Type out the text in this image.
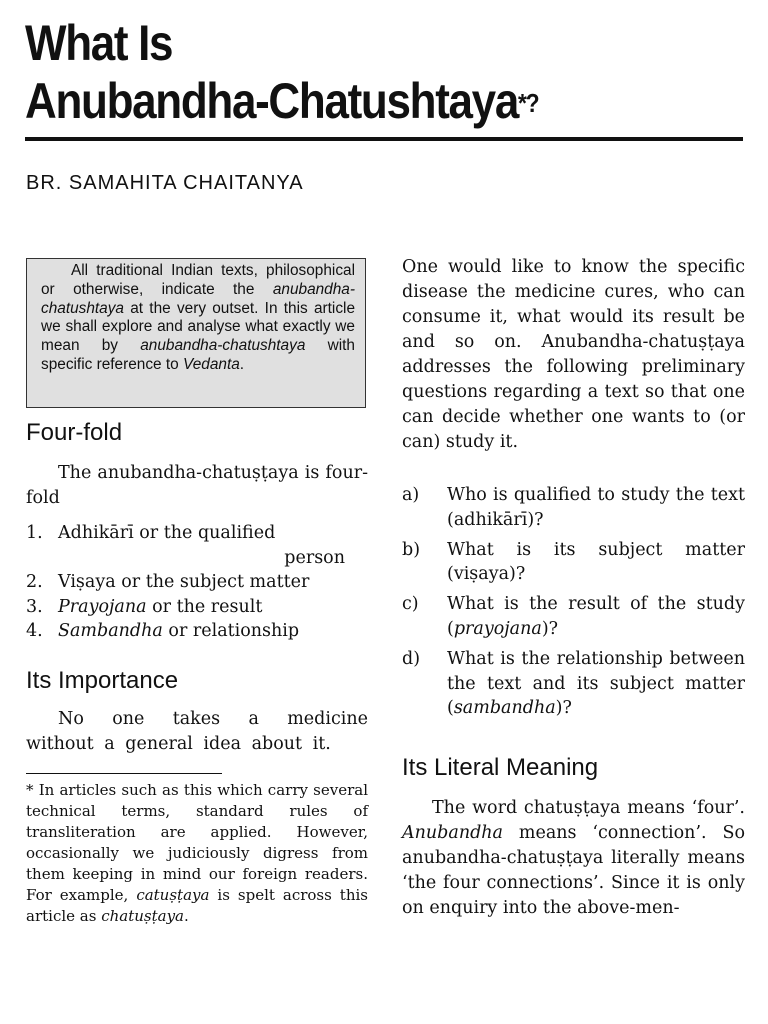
What Is
Anubandha-Chatushtaya*?
BR. SAMAHITA CHAITANYA
All traditional Indian texts, philosophical or otherwise, indicate the anubandha-chatushtaya at the very outset. In this article we shall explore and analyse what exactly we mean by anubandha-chatushtaya with specific reference to Vedanta.
Four-fold

The anubandha-chatuṣṭaya is four-fold

1. Adhikārī or the qualified

person
2. Viṣaya or the subject matter
3. Prayojana or the result
4. Sambandha or relationship
Its Importance

No one takes a medicine without a general idea about it.

* In articles such as this which carry several technical terms, standard rules of transliteration are applied. However, occasionally we judiciously digress from them keeping in mind our foreign readers. For example, catuṣṭaya is spelt across this article as chatuṣṭaya.

One would like to know the specific disease the medicine cures, who can consume it, what would its result be and so on. Anubandha-chatuṣṭaya addresses the following preliminary questions regarding a text so that one can decide whether one wants to (or can) study it.

a)	Who is qualified to study the text (adhikārī)?
b)	What is its subject matter (viṣaya)?
c)	What is the result of the study (prayojana)?
d)	What is the relationship between the text and its subject matter (sambandha)?
Its Literal Meaning

The word chatuṣṭaya means ‘four’. Anubandha means ‘connection’. So anubandha-chatuṣṭaya literally means ‘the four connections’. Since it is only on enquiry into the above-men-
